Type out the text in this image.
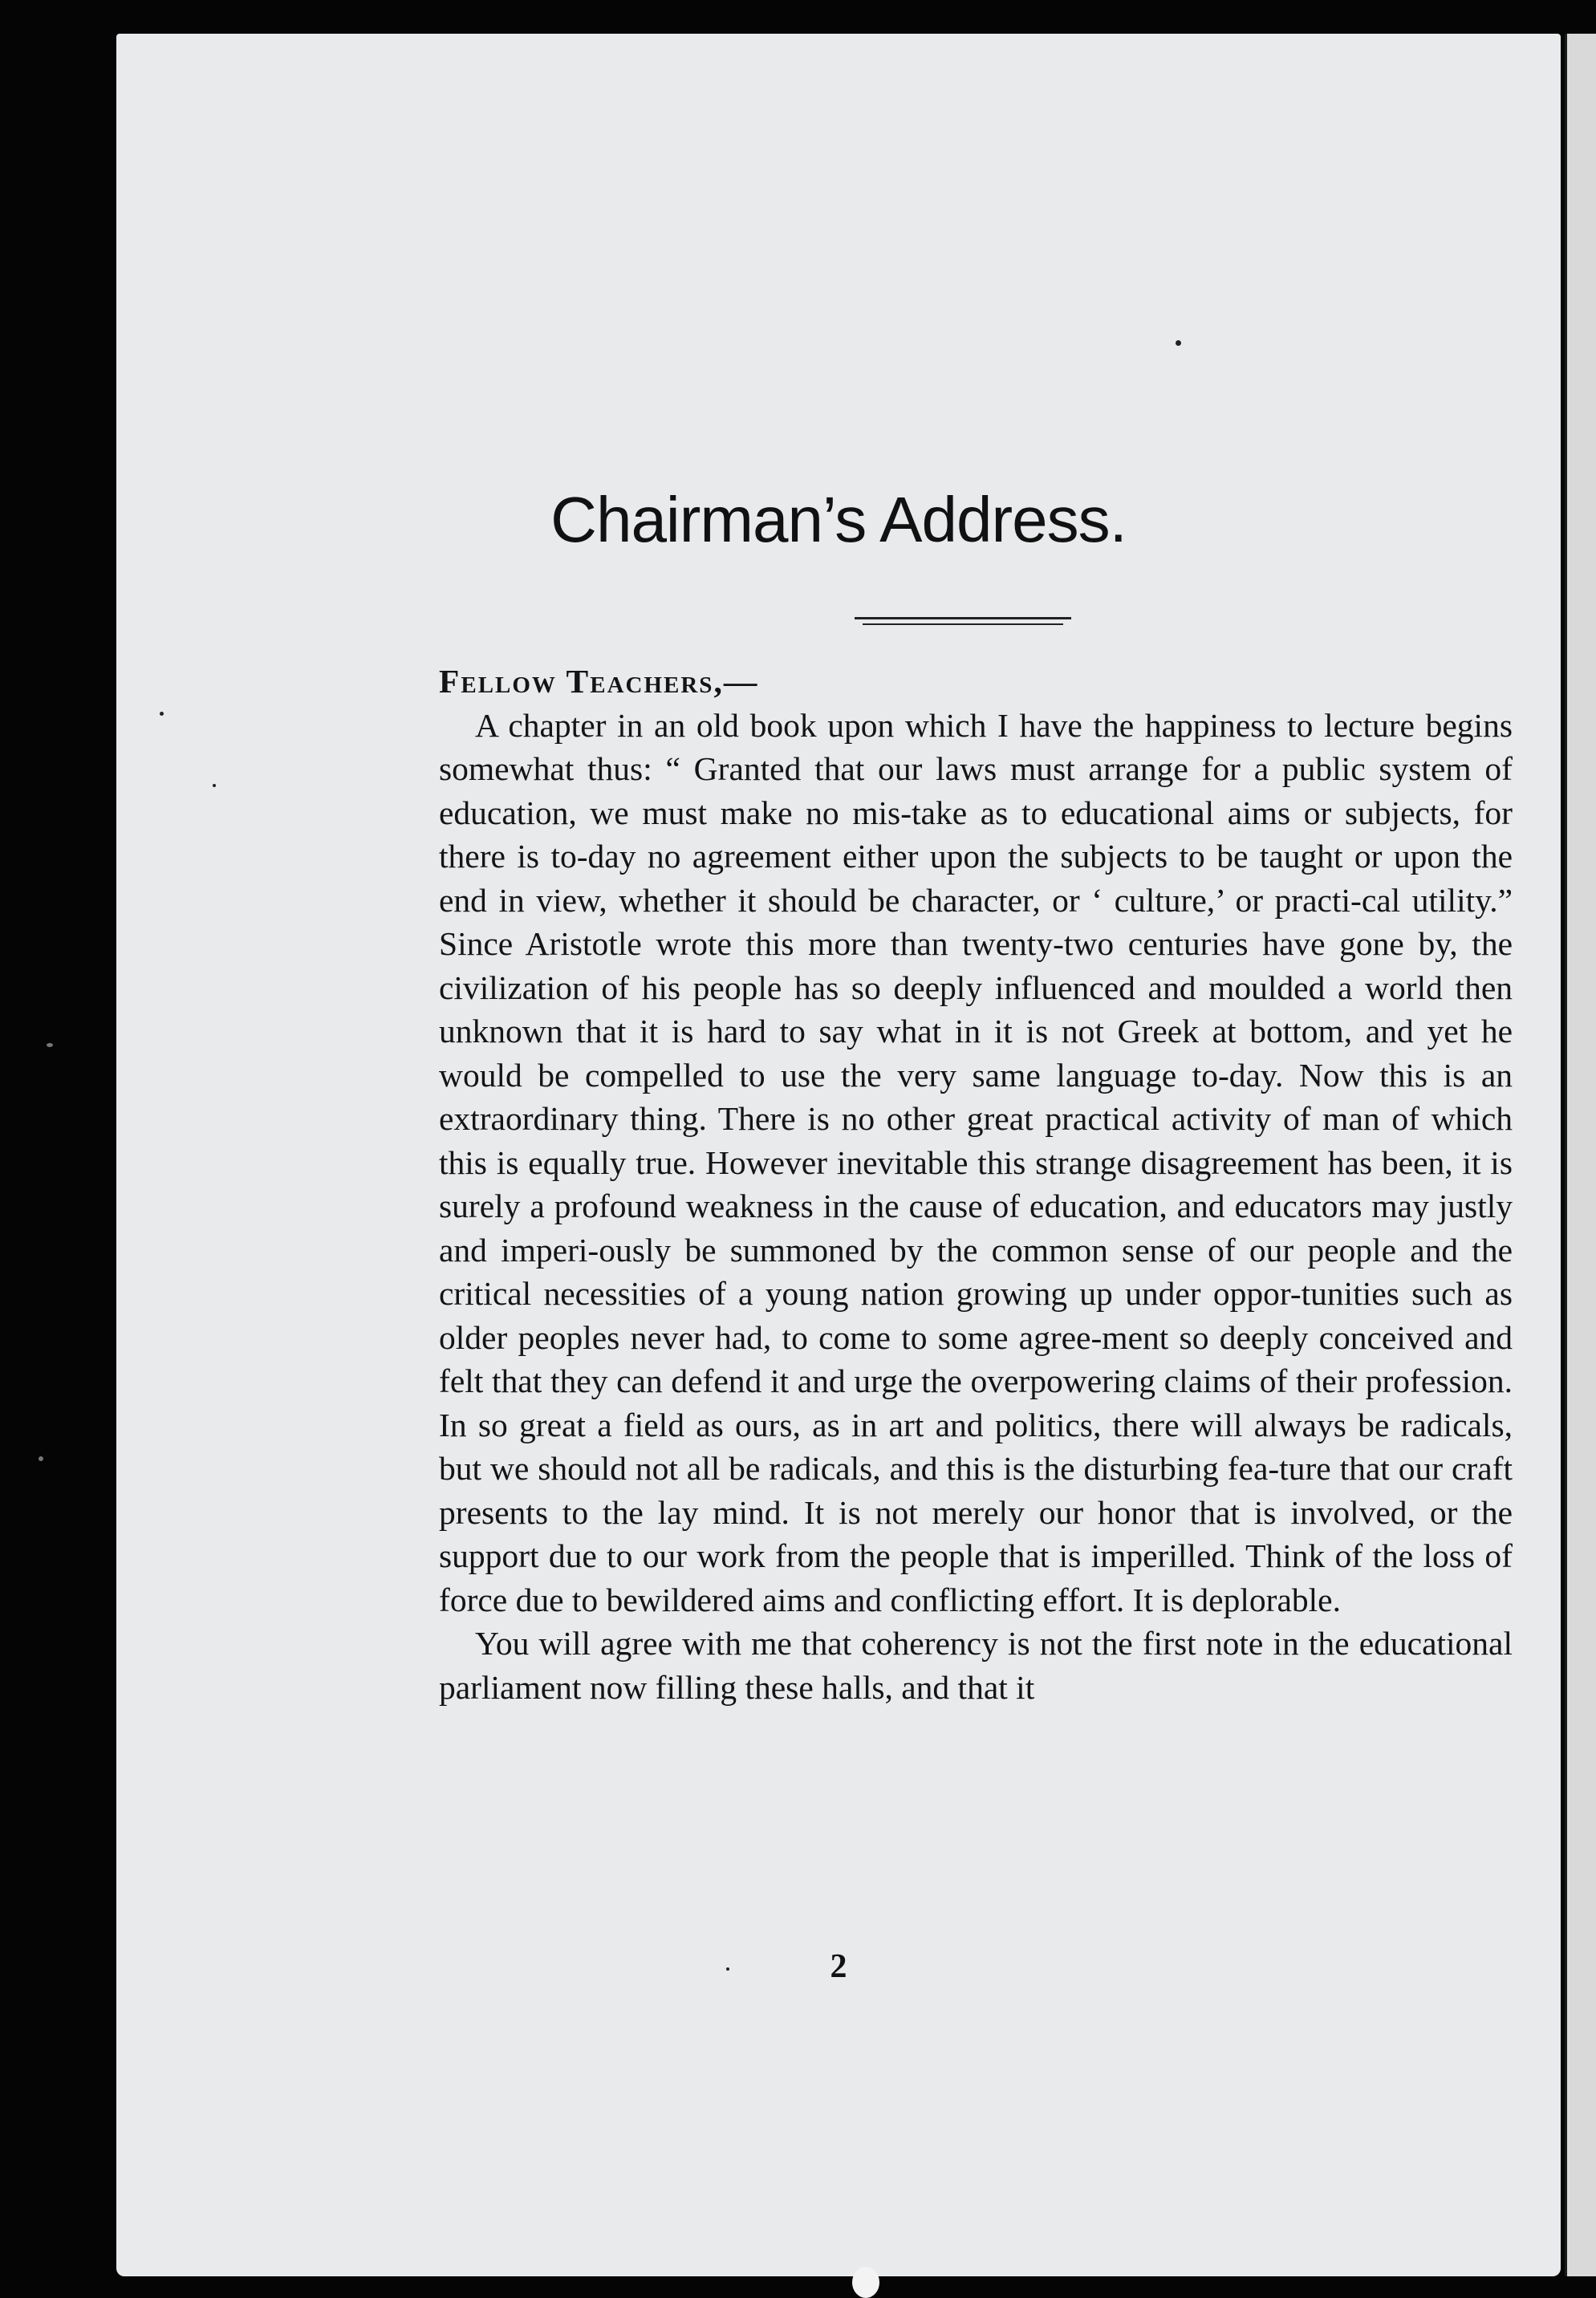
Chairman’s Address.

Fellow Teachers,—

A chapter in an old book upon which I have the happiness to lecture begins somewhat thus: “ Granted that our laws must arrange for a public system of education, we must make no mis-take as to educational aims or subjects, for there is to-day no agreement either upon the subjects to be taught or upon the end in view, whether it should be character, or ‘ culture,’ or practi-cal utility.” Since Aristotle wrote this more than twenty-two centuries have gone by, the civilization of his people has so deeply influenced and moulded a world then unknown that it is hard to say what in it is not Greek at bottom, and yet he would be compelled to use the very same language to-day. Now this is an extraordinary thing. There is no other great practical activity of man of which this is equally true. However inevitable this strange disagreement has been, it is surely a profound weakness in the cause of education, and educators may justly and imperi-ously be summoned by the common sense of our people and the critical necessities of a young nation growing up under oppor-tunities such as older peoples never had, to come to some agree-ment so deeply conceived and felt that they can defend it and urge the overpowering claims of their profession. In so great a field as ours, as in art and politics, there will always be radicals, but we should not all be radicals, and this is the disturbing fea-ture that our craft presents to the lay mind. It is not merely our honor that is involved, or the support due to our work from the people that is imperilled. Think of the loss of force due to bewildered aims and conflicting effort. It is deplorable.

You will agree with me that coherency is not the first note in the educational parliament now filling these halls, and that it

2
